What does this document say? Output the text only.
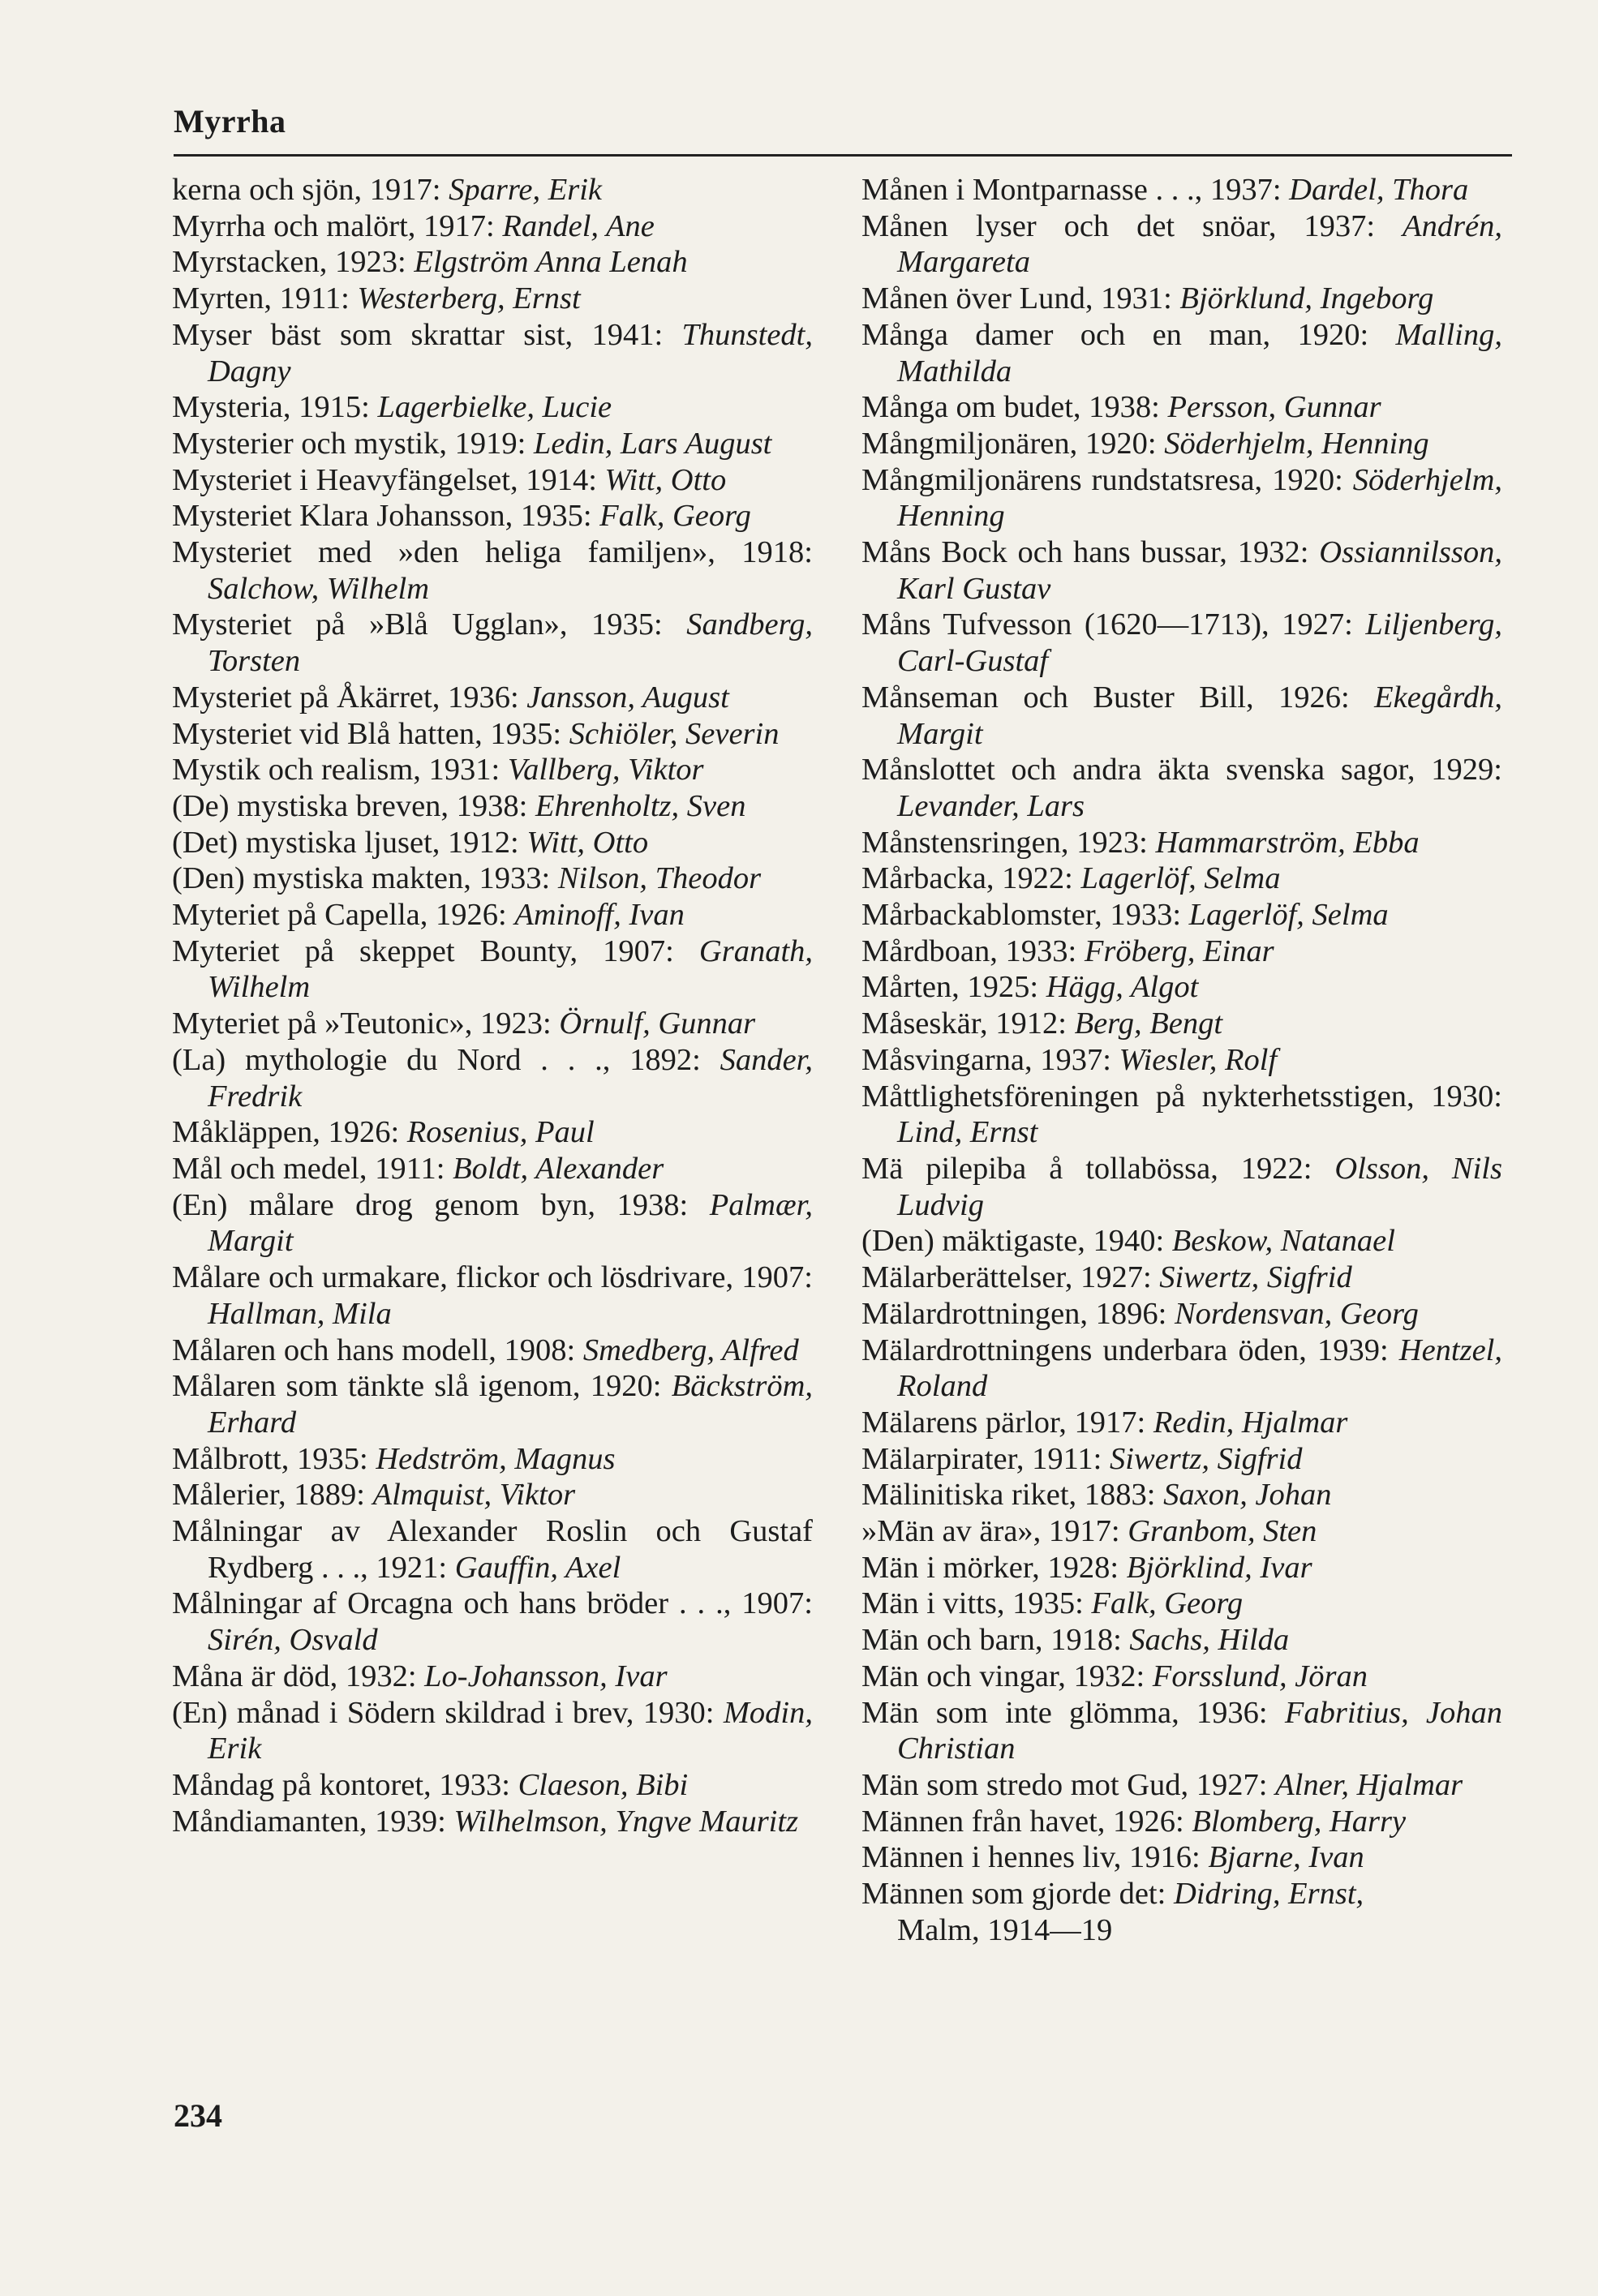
Myrrha
kerna och sjön, 1917: Sparre, Erik
Myrrha och malört, 1917: Randel, Ane
Myrstacken, 1923: Elgström Anna Lenah
Myrten, 1911: Westerberg, Ernst
Myser bäst som skrattar sist, 1941: Thunstedt, Dagny
Mysteria, 1915: Lagerbielke, Lucie
Mysterier och mystik, 1919: Ledin, Lars August
Mysteriet i Heavyfängelset, 1914: Witt, Otto
Mysteriet Klara Johansson, 1935: Falk, Georg
Mysteriet med »den heliga familjen», 1918: Salchow, Wilhelm
Mysteriet på »Blå Ugglan», 1935: Sandberg, Torsten
Mysteriet på Åkärret, 1936: Jansson, August
Mysteriet vid Blå hatten, 1935: Schiöler, Severin
Mystik och realism, 1931: Vallberg, Viktor
(De) mystiska breven, 1938: Ehrenholtz, Sven
(Det) mystiska ljuset, 1912: Witt, Otto
(Den) mystiska makten, 1933: Nilson, Theodor
Myteriet på Capella, 1926: Aminoff, Ivan
Myteriet på skeppet Bounty, 1907: Granath, Wilhelm
Myteriet på »Teutonic», 1923: Örnulf, Gunnar
(La) mythologie du Nord . . ., 1892: Sander, Fredrik
Måkläppen, 1926: Rosenius, Paul
Mål och medel, 1911: Boldt, Alexander
(En) målare drog genom byn, 1938: Palmær, Margit
Målare och urmakare, flickor och lösdrivare, 1907: Hallman, Mila
Målaren och hans modell, 1908: Smedberg, Alfred
Målaren som tänkte slå igenom, 1920: Bäckström, Erhard
Målbrott, 1935: Hedström, Magnus
Målerier, 1889: Almquist, Viktor
Målningar av Alexander Roslin och Gustaf Rydberg . . ., 1921: Gauffin, Axel
Målningar af Orcagna och hans bröder . . ., 1907: Sirén, Osvald
Måna är död, 1932: Lo-Johansson, Ivar
(En) månad i Södern skildrad i brev, 1930: Modin, Erik
Måndag på kontoret, 1933: Claeson, Bibi
Måndiamanten, 1939: Wilhelmson, Yngve Mauritz
Månen i Montparnasse . . ., 1937: Dardel, Thora
Månen lyser och det snöar, 1937: Andrén, Margareta
Månen över Lund, 1931: Björklund, Ingeborg
Många damer och en man, 1920: Malling, Mathilda
Många om budet, 1938: Persson, Gunnar
Mångmiljonären, 1920: Söderhjelm, Henning
Mångmiljonärens rundstatsresa, 1920: Söderhjelm, Henning
Måns Bock och hans bussar, 1932: Ossiannilsson, Karl Gustav
Måns Tufvesson (1620—1713), 1927: Liljenberg, Carl-Gustaf
Månseman och Buster Bill, 1926: Ekegårdh, Margit
Månslottet och andra äkta svenska sagor, 1929: Levander, Lars
Månstensringen, 1923: Hammarström, Ebba
Mårbacka, 1922: Lagerlöf, Selma
Mårbackablomster, 1933: Lagerlöf, Selma
Mårdboan, 1933: Fröberg, Einar
Mårten, 1925: Hägg, Algot
Måseskär, 1912: Berg, Bengt
Måsvingarna, 1937: Wiesler, Rolf
Måttlighetsföreningen på nykterhetsstigen, 1930: Lind, Ernst
Mä pilepiba å tollabössa, 1922: Olsson, Nils Ludvig
(Den) mäktigaste, 1940: Beskow, Natanael
Mälarberättelser, 1927: Siwertz, Sigfrid
Mälardrottningen, 1896: Nordensvan, Georg
Mälardrottningens underbara öden, 1939: Hentzel, Roland
Mälarens pärlor, 1917: Redin, Hjalmar
Mälarpirater, 1911: Siwertz, Sigfrid
Mälinitiska riket, 1883: Saxon, Johan
»Män av ära», 1917: Granbom, Sten
Män i mörker, 1928: Björklind, Ivar
Män i vitts, 1935: Falk, Georg
Män och barn, 1918: Sachs, Hilda
Män och vingar, 1932: Forsslund, Jöran
Män som inte glömma, 1936: Fabritius, Johan Christian
Män som stredo mot Gud, 1927: Alner, Hjalmar
Männen från havet, 1926: Blomberg, Harry
Männen i hennes liv, 1916: Bjarne, Ivan
Männen som gjorde det: Didring, Ernst,
Malm, 1914—19
234
